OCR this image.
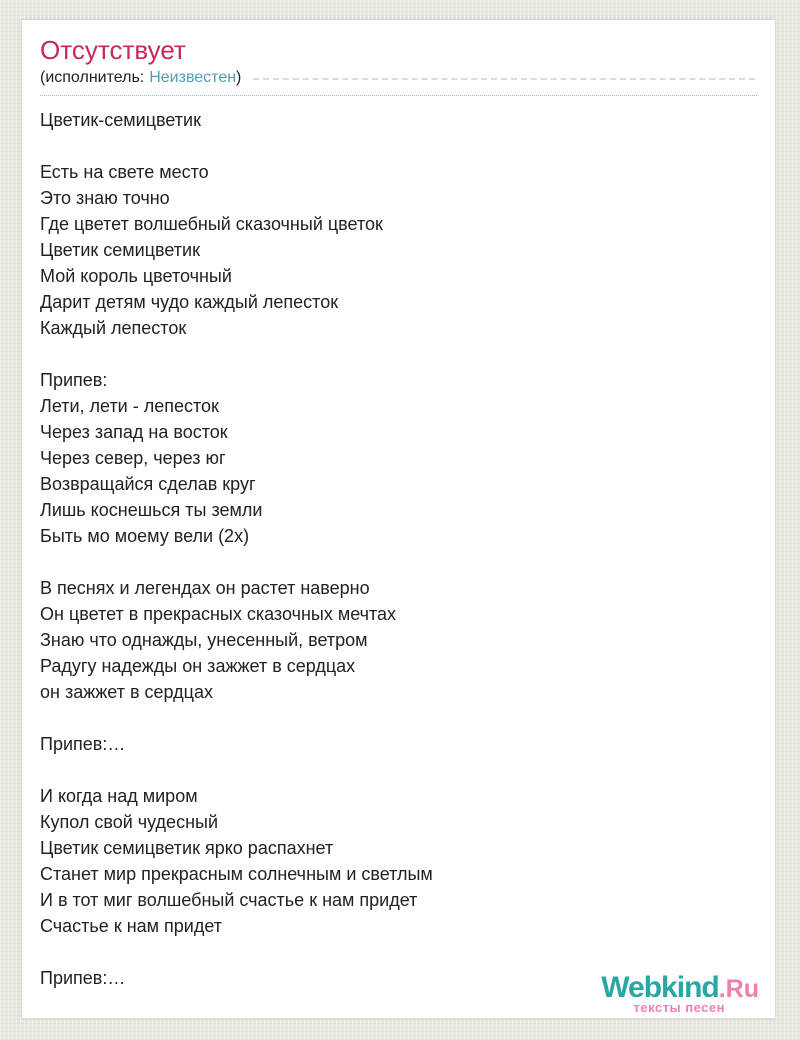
Отсутствует
(исполнитель: Неизвестен )
Цветик-семицветик

Есть на свете место
Это знаю точно
Где цветет волшебный сказочный цветок
Цветик семицветик
Мой король цветочный
Дарит детям чудо каждый лепесток
Каждый лепесток

Припев:
Лети, лети - лепесток
Через запад на восток
Через север, через юг
Возвращайся сделав круг
Лишь коснешься ты земли
Быть мо моему вели (2х)

В песнях и легендах он растет наверно
Он цветет в прекрасных сказочных мечтах
Знаю что однажды, унесенный, ветром
Радугу надежды он зажжет в сердцах
он зажжет в сердцах

Припев:…

И когда над миром
Купол свой чудесный
Цветик семицветик ярко распахнет
Станет мир прекрасным солнечным и светлым
И в тот миг волшебный счастье к нам придет
Счастье к нам придет

Припев:…	Webkind.Ru
тексты песен
